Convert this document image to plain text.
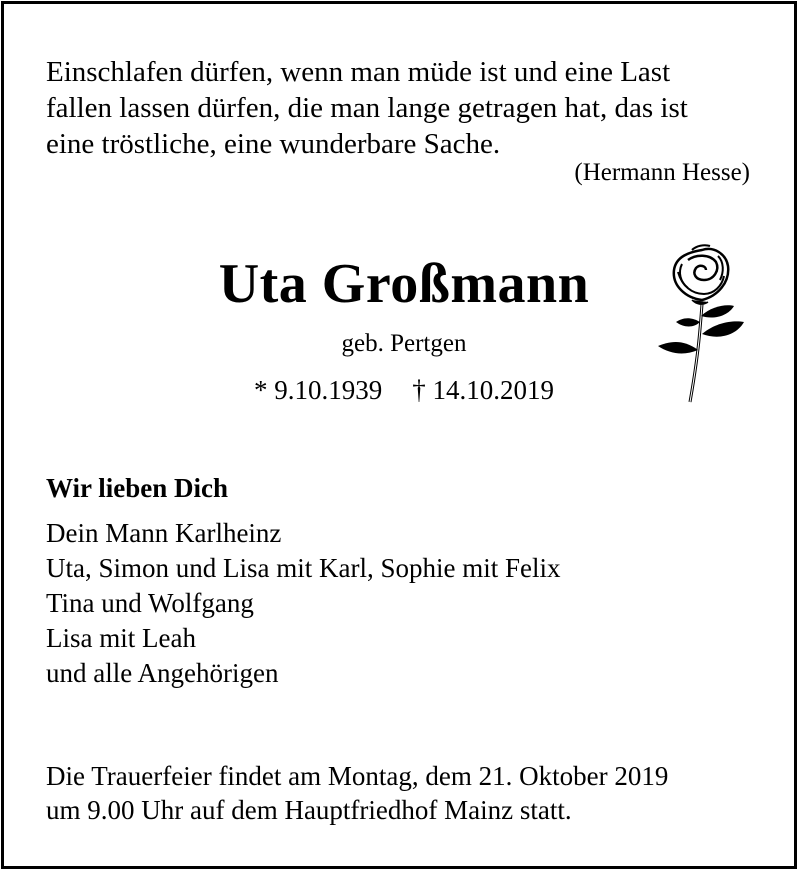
Einschlafen dürfen, wenn man müde ist und eine Last
fallen lassen dürfen, die man lange getragen hat, das ist
eine tröstliche, eine wunderbare Sache.
(Hermann Hesse)
Uta Großmann
geb. Pertgen
* 9.10.1939 † 14.10.2019
Wir lieben Dich
Dein Mann Karlheinz
Uta, Simon und Lisa mit Karl, Sophie mit Felix
Tina und Wolfgang
Lisa mit Leah
und alle Angehörigen
Die Trauerfeier findet am Montag, dem 21. Oktober 2019
um 9.00 Uhr auf dem Hauptfriedhof Mainz statt.
